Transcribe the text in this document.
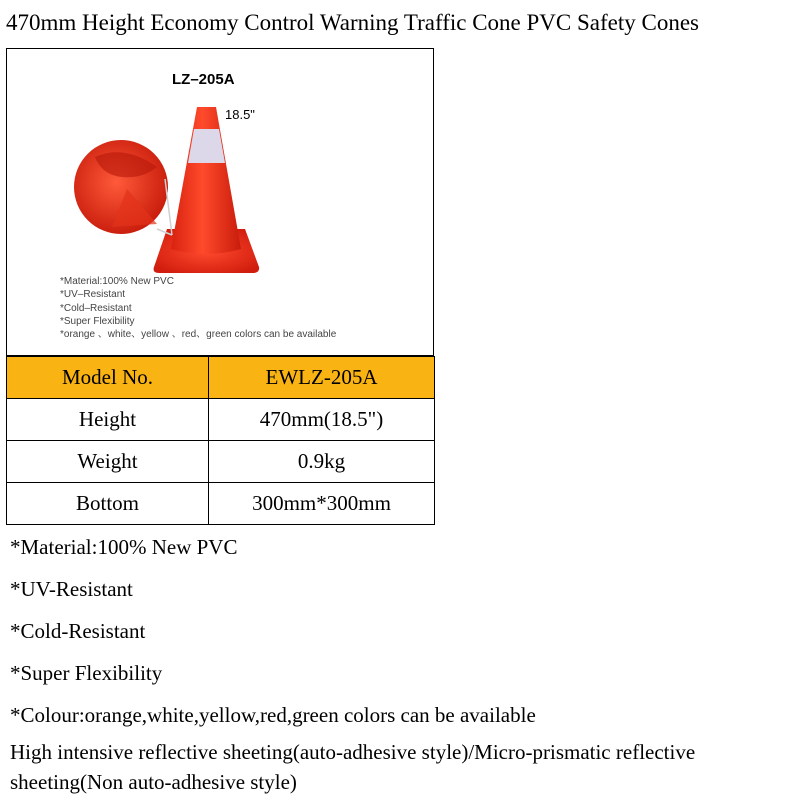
470mm Height Economy Control Warning Traffic Cone PVC Safety Cones
LZ–205A
18.5"
*Material:100% New PVC
*UV–Resistant
*Cold–Resistant
*Super Flexibility
*orange 、white、yellow 、red、green colors can be available
Model No.	EWLZ-205A
Height	470mm(18.5")
Weight	0.9kg
Bottom	300mm*300mm
*Material:100% New PVC
*UV-Resistant
*Cold-Resistant
*Super Flexibility
*Colour:orange,white,yellow,red,green colors can be available
High intensive reflective sheeting(auto-adhesive style)/Micro-prismatic reflective sheeting(Non auto-adhesive style)
